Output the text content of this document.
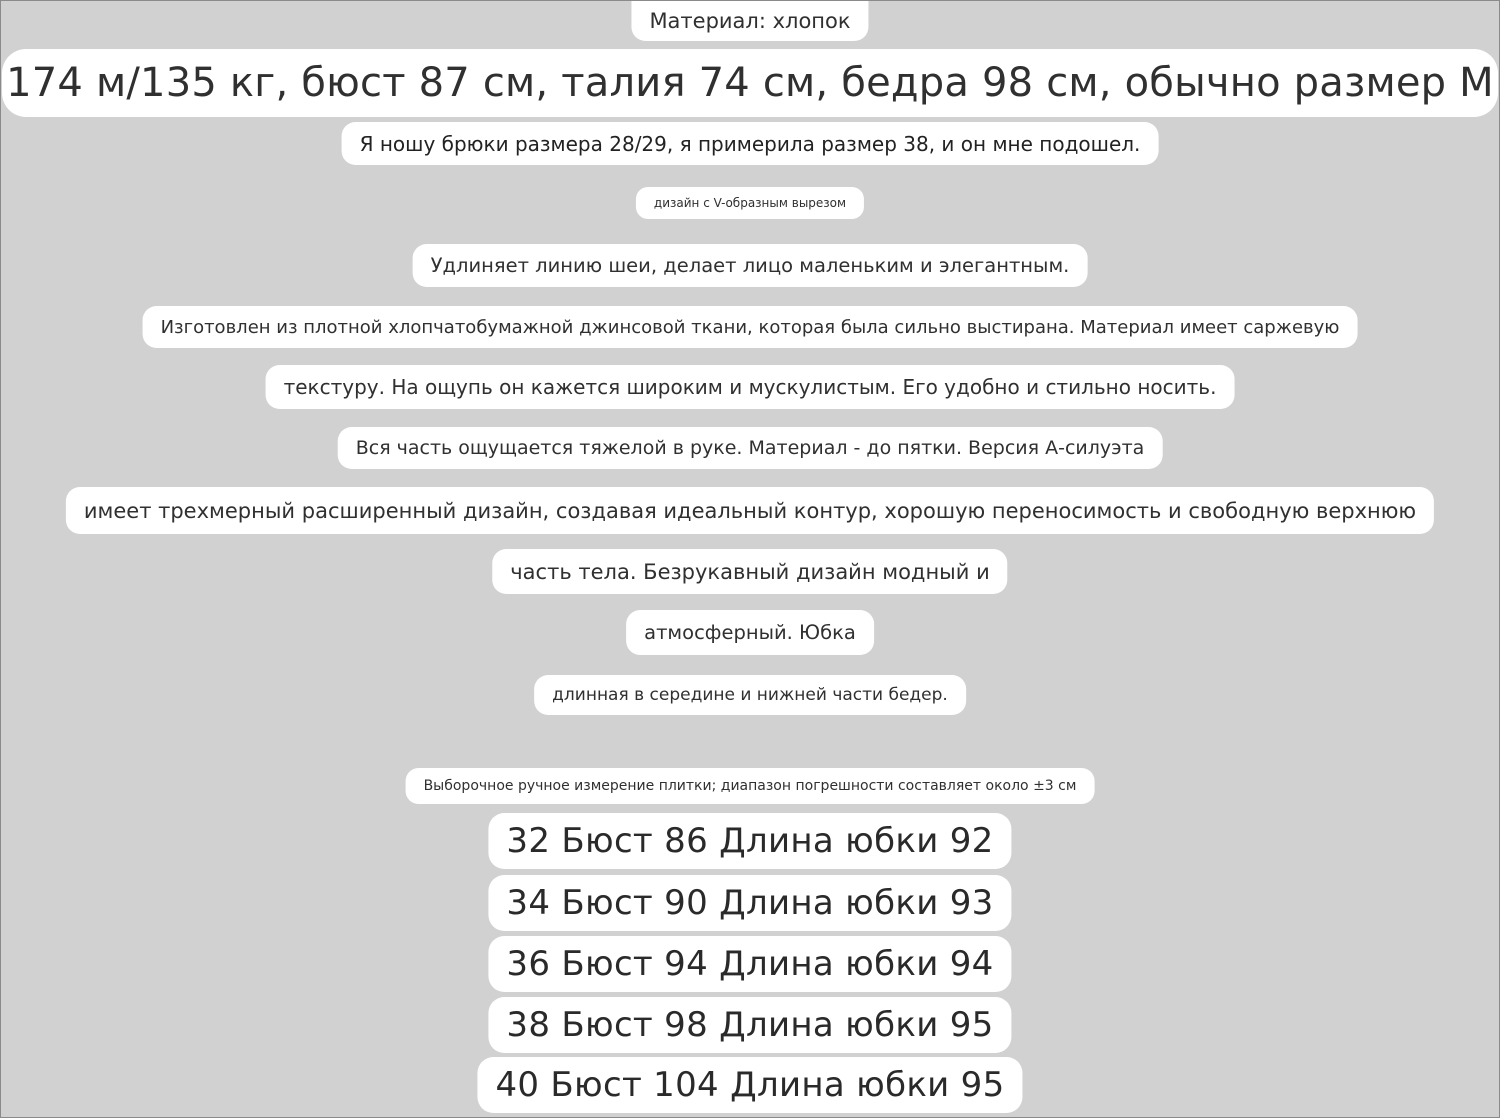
Материал: хлопок
174 м/135 кг, бюст 87 см, талия 74 см, бедра 98 см, обычно размер М
Я ношу брюки размера 28/29, я примерила размер 38, и он мне подошел.
дизайн с V-образным вырезом
Удлиняет линию шеи, делает лицо маленьким и элегантным.
Изготовлен из плотной хлопчатобумажной джинсовой ткани, которая была сильно выстирана. Материал имеет саржевую
текстуру. На ощупь он кажется широким и мускулистым. Его удобно и стильно носить.
Вся часть ощущается тяжелой в руке. Материал - до пятки. Версия А-силуэта
имеет трехмерный расширенный дизайн, создавая идеальный контур, хорошую переносимость и свободную верхнюю
часть тела. Безрукавный дизайн модный и
атмосферный. Юбка
длинная в середине и нижней части бедер.
Выборочное ручное измерение плитки; диапазон погрешности составляет около ±3 см
32 Бюст 86 Длина юбки 92
34 Бюст 90 Длина юбки 93
36 Бюст 94 Длина юбки 94
38 Бюст 98 Длина юбки 95
40 Бюст 104 Длина юбки 95
